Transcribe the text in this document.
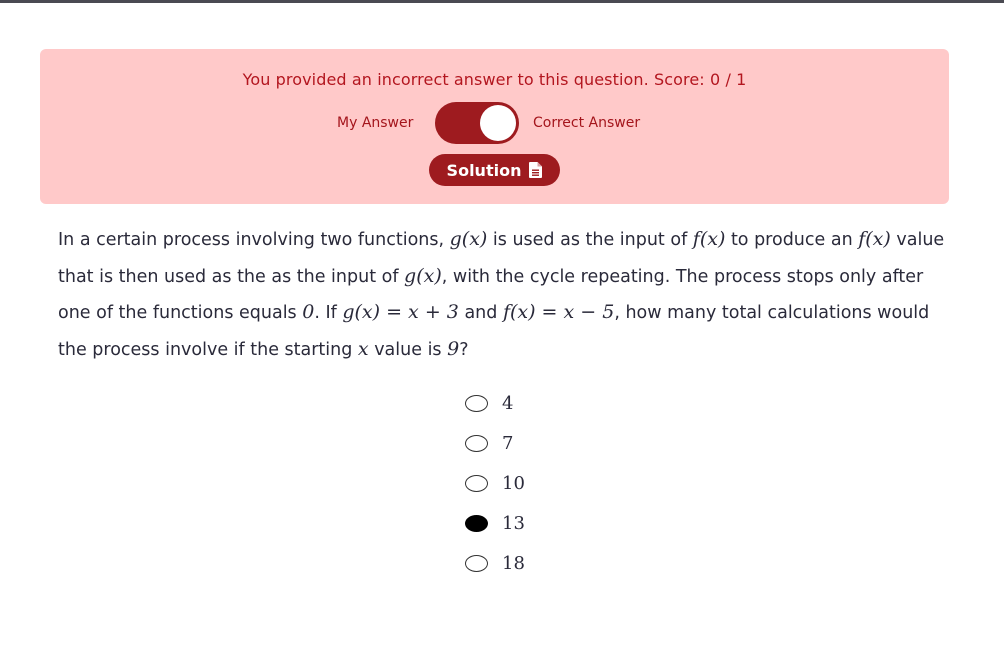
You provided an incorrect answer to this question. Score: 0 / 1
My Answer	Correct Answer
Solution
In a certain process involving two functions, g(x) is used as the input of f(x) to produce an f(x) value that is then used as the as the input of g(x), with the cycle repeating. The process stops only after one of the functions equals 0. If g(x) = x + 3 and f(x) = x − 5, how many total calculations would the process involve if the starting x value is 9?
4
7
10
13
18
